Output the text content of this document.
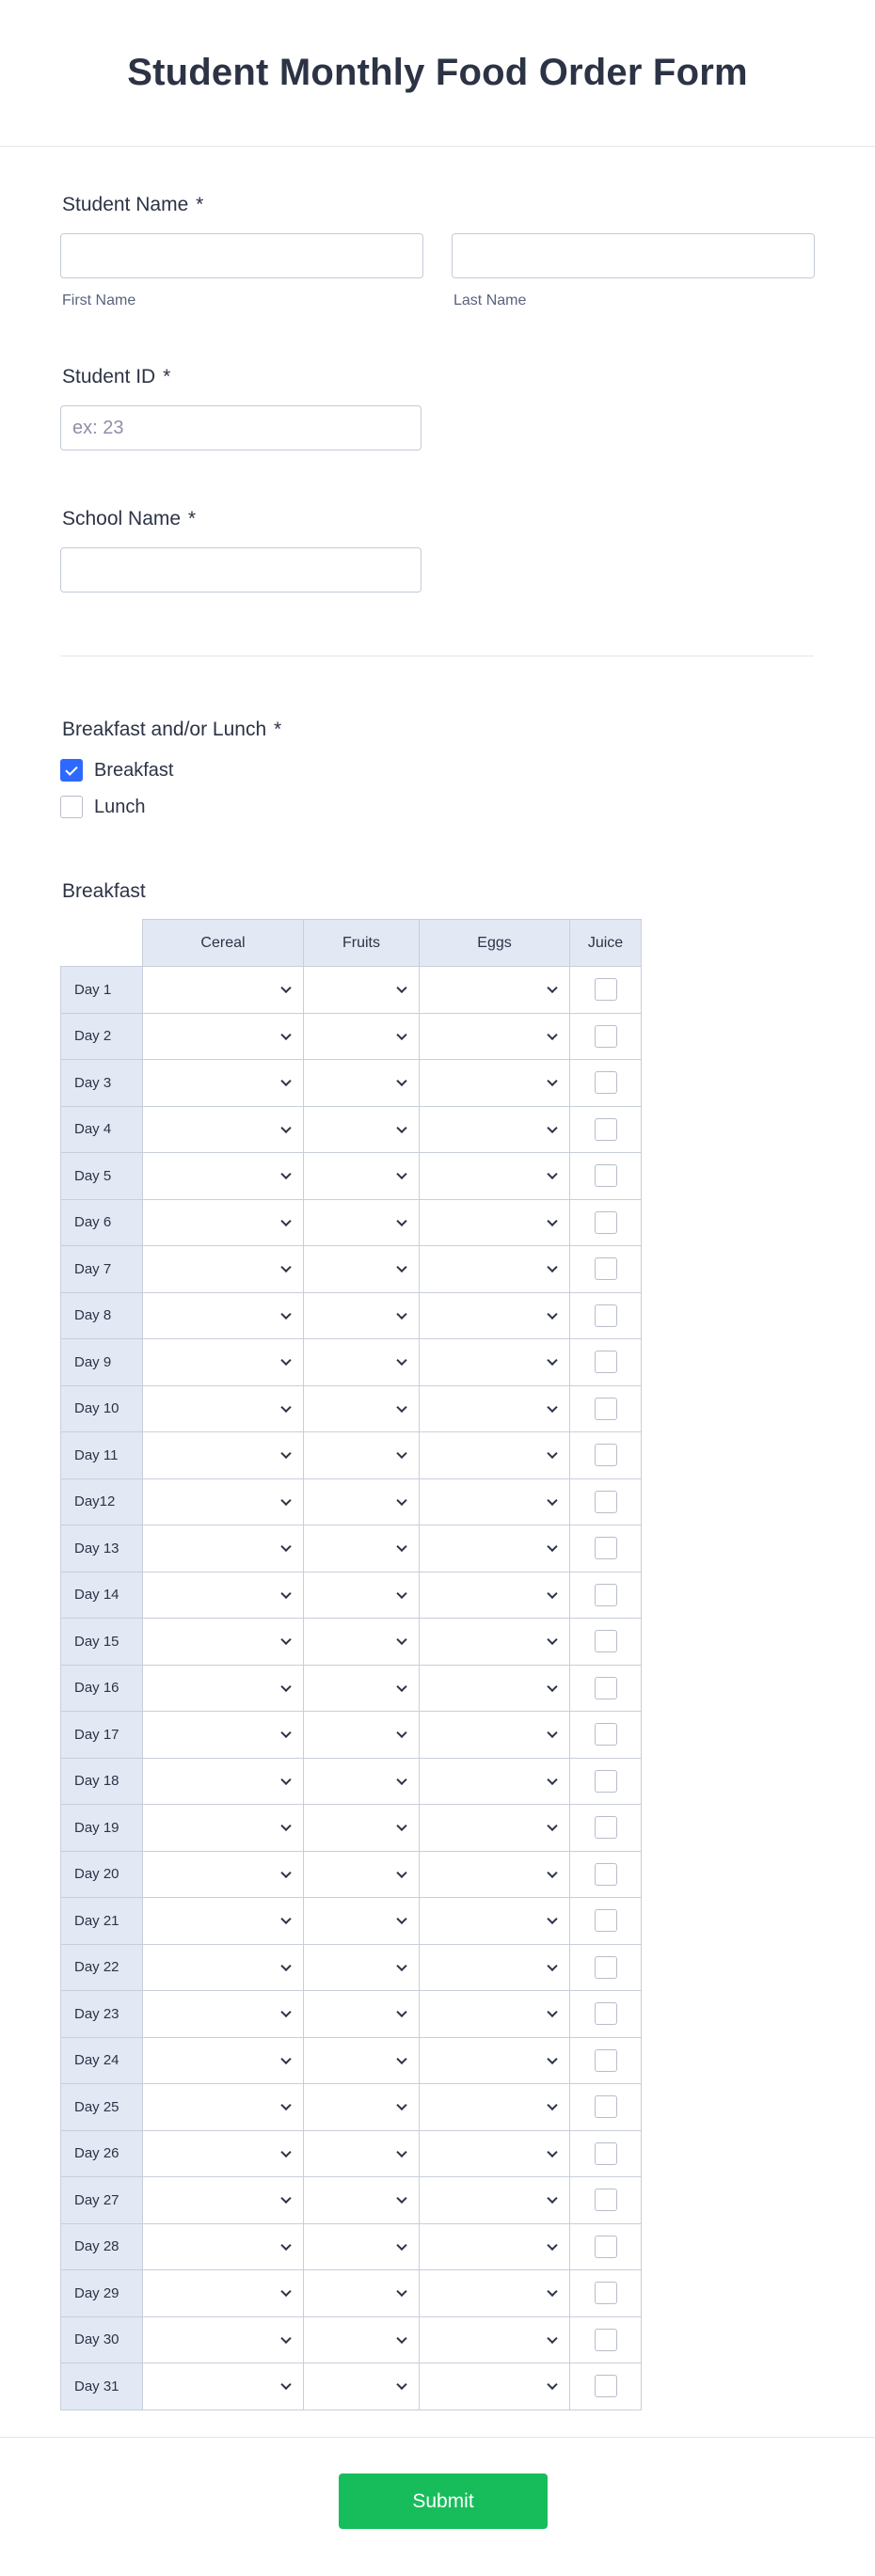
Student Monthly Food Order Form
Student Name *
First Name	Last Name
Student ID *
ex: 23
School Name *
Breakfast and/or Lunch *
Breakfast
Lunch
Breakfast
	Cereal	Fruits	Eggs	Juice
Day 1	

Day 2	

Day 3	

Day 4	

Day 5	

Day 6	

Day 7	

Day 8	

Day 9	

Day 10	

Day 11	

Day12	

Day 13	

Day 14	

Day 15	

Day 16	

Day 17	

Day 18	

Day 19	

Day 20	

Day 21	

Day 22	

Day 23	

Day 24	

Day 25	

Day 26	

Day 27	

Day 28	

Day 29	

Day 30	

Day 31	

Submit
